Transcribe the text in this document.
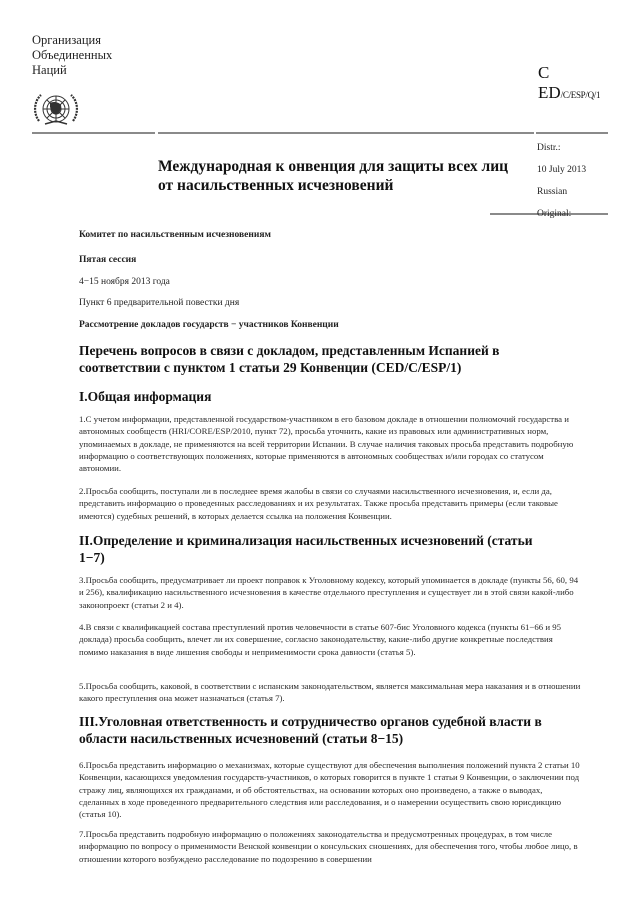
Организация
Объединенных
Наций	C
ED/C/ESP/Q/1
Международная к онвенция для защиты всех лиц
от насильственных исчезновений
Distr.:
10 July 2013
Russian
Original:
Комитет по насильственным исчезновениям
Пятая сессия
4−15 ноября 2013 года
Пункт 6 предварительной повестки дня
Рассмотрение докладов государств − участников Конвенции
Перечень вопросов в связи с докладом, представленным Испанией в соответствии с пунктом 1 статьи 29 Конвенции (CED/C/ESP/1)
I.Общая информация
1.С учетом информации, представленной государством-участником в его базовом докладе в отношении полномочий государства и автономных сообществ (HRI/CORE/ESP/2010, пункт 72), просьба уточнить, какие из правовых или административных норм, упоминаемых в докладе, не применяются на всей территории Испании. В случае наличия таковых просьба представить подробную информацию о соответствующих положениях, которые применяются в автономных сообществах и/или городах со статусом автономии.
2.Просьба сообщить, поступали ли в последнее время жалобы в связи со случаями насильственного исчезновения, и, если да, представить информацию о проведенных расследованиях и их результатах. Также просьба представить примеры (если таковые имеются) судебных решений, в которых делается ссылка на положения Конвенции.
II.Определение и криминализация насильственных исчезновений (статьи 1−7)
3.Просьба сообщить, предусматривает ли проект поправок к Уголовному кодексу, который упоминается в докладе (пункты 56, 60, 94 и 256), квалификацию насильственного исчезновения в качестве отдельного преступления и существует ли в этой связи какой-либо законопроект (статьи 2 и 4).
4.В связи с квалификацией состава преступлений против человечности в статье 607-бис Уголовного кодекса (пункты 61−66 и 95 доклада) просьба сообщить, влечет ли их совершение, согласно законодательству, какие-либо другие конкретные последствия помимо наказания в виде лишения свободы и неприменимости срока давности (статья 5).
5.Просьба сообщить, каковой, в соответствии с испанским законодательством, является максимальная мера наказания и в отношении какого преступления она может назначаться (статья 7).
III.Уголовная ответственность и сотрудничество органов судебной власти в области насильственных исчезновений (статьи 8−15)
6.Просьба представить информацию о механизмах, которые существуют для обеспечения выполнения положений пункта 2 статьи 10 Конвенции, касающихся уведомления государств-участников, о которых говорится в пункте 1 статьи 9 Конвенции, о заключении под стражу лиц, являющихся их гражданами, и об обстоятельствах, на основании которых оно произведено, а также о выводах, сделанных в ходе проведенного предварительного следствия или расследования, и о намерении осуществить свою юрисдикцию (статья 10).
7.Просьба представить подробную информацию о положениях законодательства и предусмотренных процедурах, в том числе информацию по вопросу о применимости Венской конвенции о консульских сношениях, для обеспечения того, чтобы любое лицо, в отношении которого возбуждено расследование по подозрению в совершении
